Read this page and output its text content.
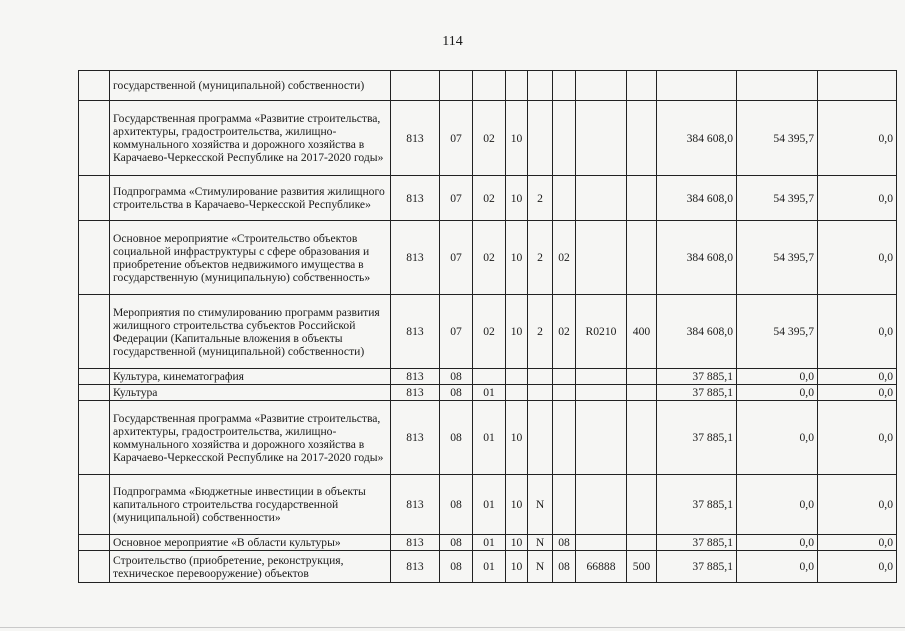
114
	государственной (муниципальной) собственности)											
	Государственная программа «Развитие строительства, архитектуры, градостроительства, жилищно-коммунального хозяйства и дорожного хозяйства в Карачаево-Черкесской Республике на 2017-2020 годы»	813	07	02	10					384 608,0	54 395,7	0,0
	Подпрограмма «Стимулирование развития жилищного строительства в Карачаево-Черкесской Республике»	813	07	02	10	2				384 608,0	54 395,7	0,0
	Основное мероприятие «Строительство объектов социальной инфраструктуры с сфере образования и приобретение объектов недвижимого имущества в государственную (муниципальную) собственность»	813	07	02	10	2	02			384 608,0	54 395,7	0,0
	Мероприятия по стимулированию программ развития жилищного строительства субъектов Российской Федерации (Капитальные вложения в объекты государственной (муниципальной) собственности)	813	07	02	10	2	02	R0210	400	384 608,0	54 395,7	0,0
	Культура, кинематография	813	08							37 885,1	0,0	0,0
	Культура	813	08	01						37 885,1	0,0	0,0
	Государственная программа «Развитие строительства, архитектуры, градостроительства, жилищно-коммунального хозяйства и дорожного хозяйства в Карачаево-Черкесской Республике на 2017-2020 годы»	813	08	01	10					37 885,1	0,0	0,0
	Подпрограмма «Бюджетные инвестиции в объекты капитального строительства государственной (муниципальной) собственности»	813	08	01	10	N				37 885,1	0,0	0,0
	Основное мероприятие «В области культуры»	813	08	01	10	N	08			37 885,1	0,0	0,0
	Строительство (приобретение, реконструкция, техническое перевооружение) объектов	813	08	01	10	N	08	66888	500	37 885,1	0,0	0,0
